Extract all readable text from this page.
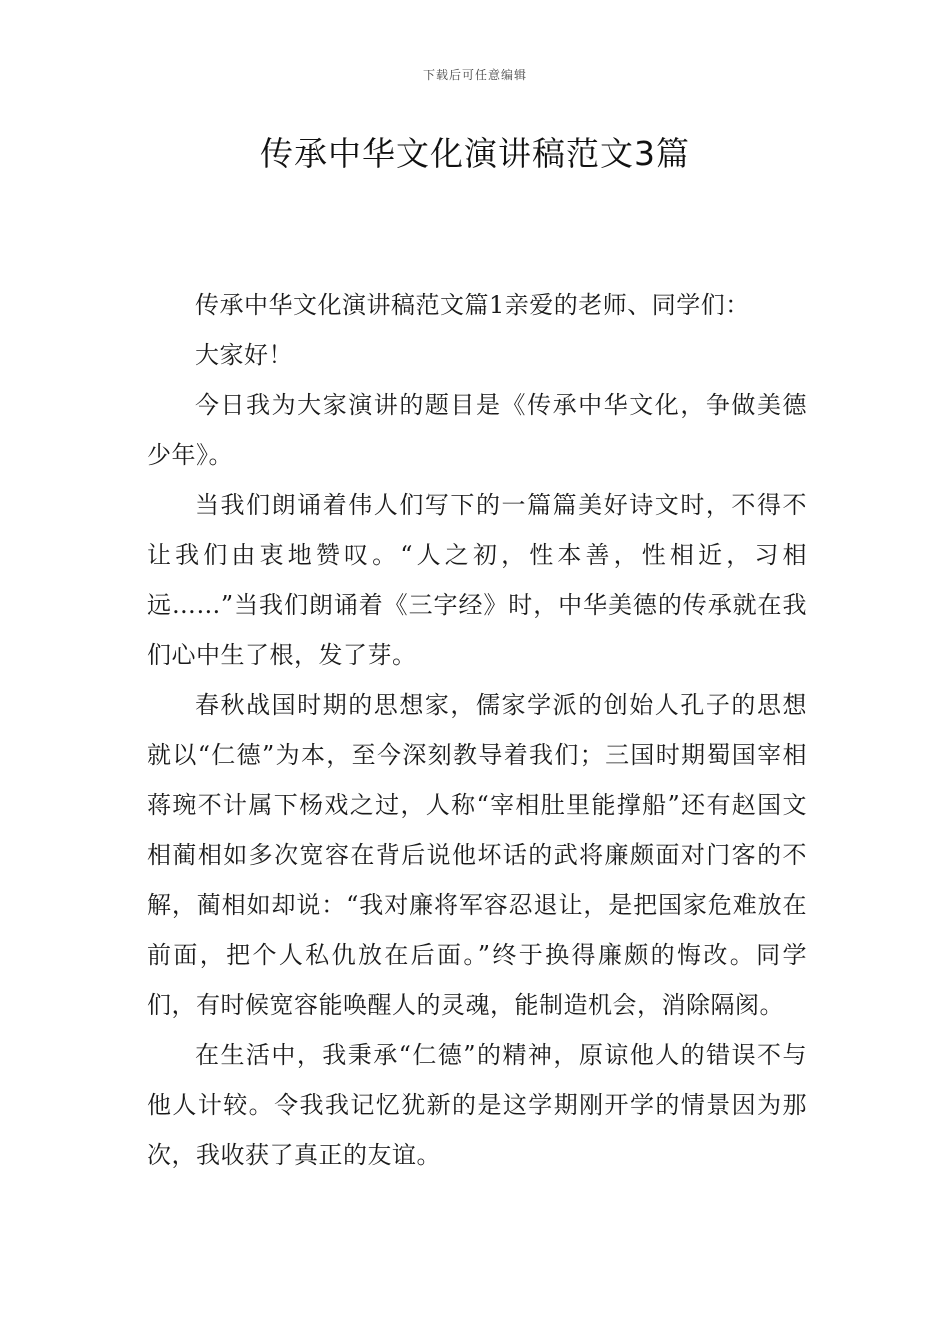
下载后可任意编辑
传承中华文化演讲稿范文3篇

传承中华文化演讲稿范文篇1亲爱的老师、同学们：

大家好！

今日我为大家演讲的题目是《传承中华文化，争做美德少年》。

当我们朗诵着伟人们写下的一篇篇美好诗文时，不得不让我们由衷地赞叹。“人之初，性本善，性相近，习相远……”当我们朗诵着《三字经》时，中华美德的传承就在我们心中生了根，发了芽。

春秋战国时期的思想家，儒家学派的创始人孔子的思想就以“仁德”为本，至今深刻教导着我们；三国时期蜀国宰相蒋琬不计属下杨戏之过，人称“宰相肚里能撑船”还有赵国文相蔺相如多次宽容在背后说他坏话的武将廉颇面对门客的不解，蔺相如却说：“我对廉将军容忍退让，是把国家危难放在前面，把个人私仇放在后面。”终于换得廉颇的悔改。同学们，有时候宽容能唤醒人的灵魂，能制造机会，消除隔阂。

在生活中，我秉承“仁德”的精神，原谅他人的错误不与他人计较。令我我记忆犹新的是这学期刚开学的情景因为那次，我收获了真正的友谊。
